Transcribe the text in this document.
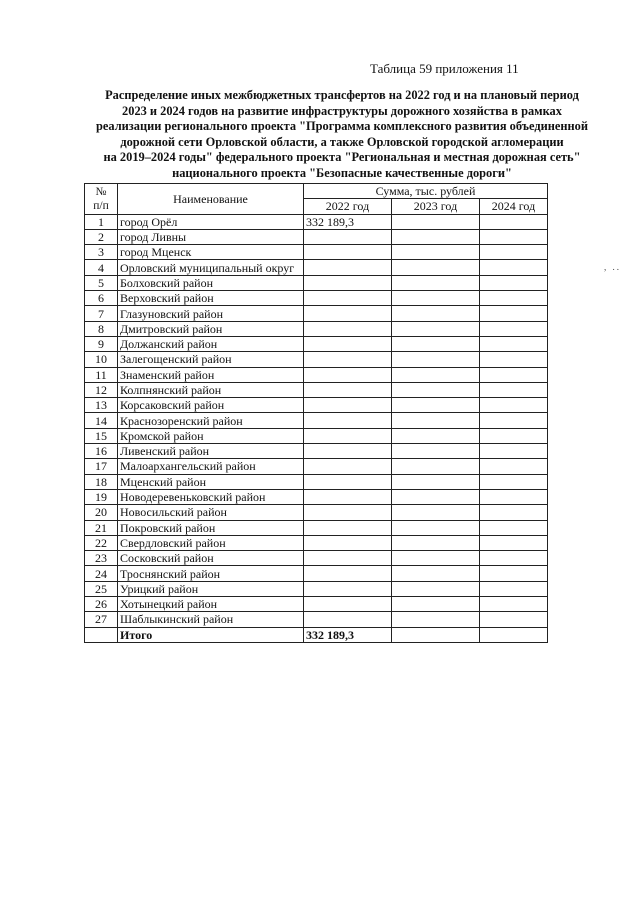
Таблица 59 приложения 11
Распределение иных межбюджетных трансфертов на 2022 год и на плановый период
2023 и 2024 годов на развитие инфраструктуры дорожного хозяйства в рамках
реализации регионального проекта "Программа комплексного развития объединенной
дорожной сети Орловской области, а также Орловской городской агломерации
на 2019–2024 годы" федерального проекта "Региональная и местная дорожная сеть"
национального проекта "Безопасные качественные дороги"
№
п/п	Наименование	Сумма, тыс. рублей		
		2022 год	2023 год	2024 год
1	город Орёл	332 189,3		
2	город Ливны			
3	город Мценск			
4	Орловский муниципальный округ			
5	Болховский район			
6	Верховский район			
7	Глазуновский район			
8	Дмитровский район			
9	Должанский район			
10	Залегощенский район			
11	Знаменский район			
12	Колпнянский район			
13	Корсаковский район			
14	Краснозоренский район			
15	Кромской район			
16	Ливенский район			
17	Малоархангельский район			
18	Мценский район			
19	Новодеревеньковский район			
20	Новосильский район			
21	Покровский район			
22	Свердловский район			
23	Сосковский район			
24	Троснянский район			
25	Урицкий район			
26	Хотынецкий район			
27	Шаблыкинский район			
	Итого	332 189,3		
, ..
